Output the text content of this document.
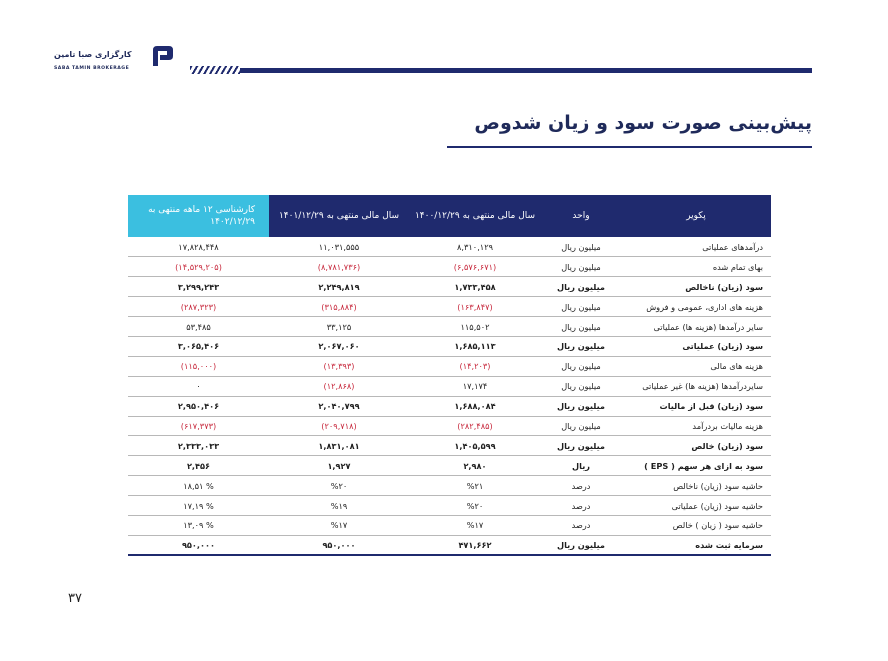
کارگزاری صبا تامین
SABA TAMIN BROKERAGE
پیش‌بینی صورت سود و زیان شدوص
پکویر	واحد	سال مالی منتهی به ۱۴۰۰/۱۲/۲۹	سال مالی منتهی به ۱۴۰۱/۱۲/۲۹	کارشناسی ۱۲ ماهه منتهی به ۱۴۰۲/۱۲/۲۹
درآمدهای عملیاتی	میلیون ریال	۸,۳۱۰,۱۲۹	۱۱,۰۳۱,۵۵۵	۱۷,۸۲۸,۴۴۸
بهای تمام شده	میلیون ریال	(۶,۵۷۶,۶۷۱)	(۸,۷۸۱,۷۳۶)	(۱۴,۵۲۹,۲۰۵)
سود (زیان) ناخالص	میلیون ریال	۱,۷۳۳,۴۵۸	۲,۲۴۹,۸۱۹	۳,۲۹۹,۲۴۳
هزینه های اداری، عمومی و فروش	میلیون ریال	(۱۶۳,۸۴۷)	(۳۱۵,۸۸۴)	(۲۸۷,۳۲۳)
سایر درآمدها (هزینه ها) عملیاتی	میلیون ریال	۱۱۵,۵۰۲	۳۳,۱۲۵	۵۳,۴۸۵
سود (زیان) عملیاتی	میلیون ریال	۱,۶۸۵,۱۱۳	۲,۰۶۷,۰۶۰	۳,۰۶۵,۴۰۶
هزینه های مالی	میلیون ریال	(۱۴,۲۰۳)	(۱۳,۳۹۳)	(۱۱۵,۰۰۰)
سایردرآمدها (هزینه ها) غیر عملیاتی	میلیون ریال	۱۷,۱۷۴	(۱۲,۸۶۸)	۰
سود (زیان) قبل از مالیات	میلیون ریال	۱,۶۸۸,۰۸۴	۲,۰۴۰,۷۹۹	۲,۹۵۰,۴۰۶
هزینه مالیات بردرآمد	میلیون ریال	(۲۸۲,۴۸۵)	(۲۰۹,۷۱۸)	(۶۱۷,۳۷۳)
سود (زیان) خالص	میلیون ریال	۱,۴۰۵,۵۹۹	۱,۸۳۱,۰۸۱	۲,۳۳۳,۰۳۳
سود به ازای هر سهم ( EPS )	ریال	۲,۹۸۰	۱,۹۲۷	۲,۴۵۶
حاشیه سود (زیان) ناخالص	درصد	%۲۱	%۲۰	% ۱۸,۵۱
حاشیه سود (زیان) عملیاتی	درصد	%۲۰	%۱۹	% ۱۷,۱۹
حاشیه سود ( زیان ) خالص	درصد	%۱۷	%۱۷	% ۱۳,۰۹
سرمایه ثبت شده	میلیون ریال	۴۷۱,۶۶۲	۹۵۰,۰۰۰	۹۵۰,۰۰۰
۳۷
